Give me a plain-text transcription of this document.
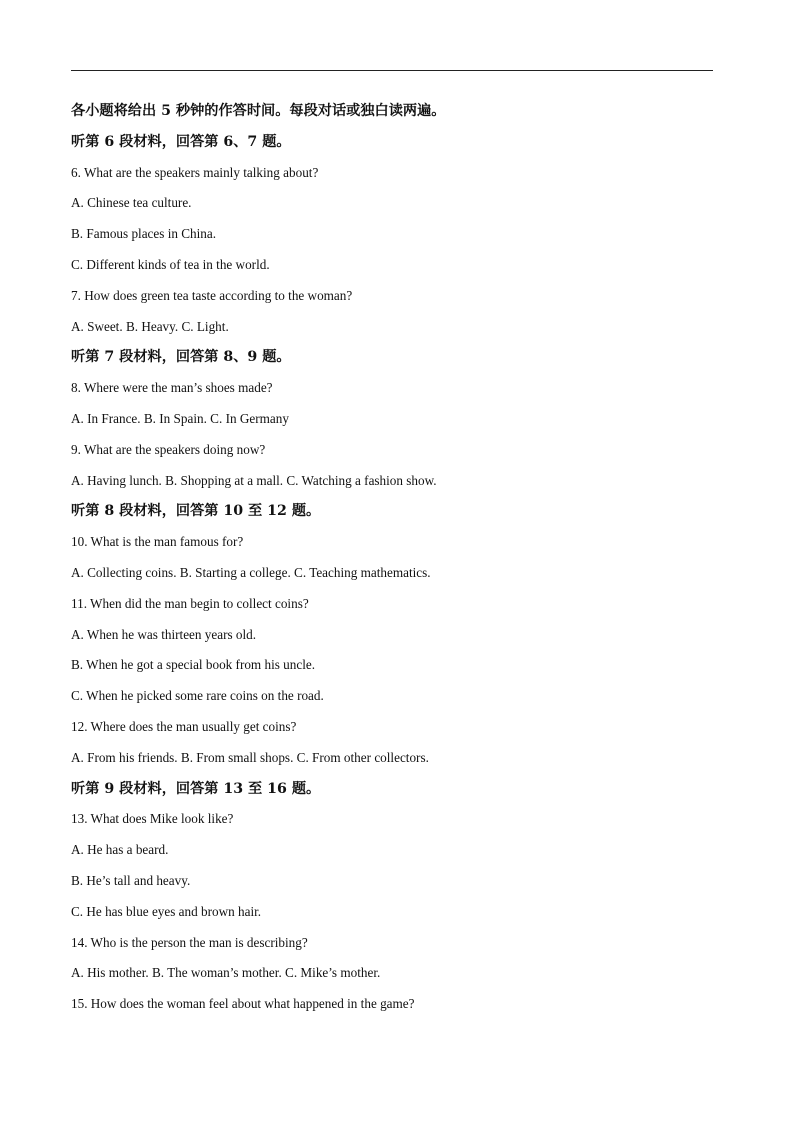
各小题将给出 5 秒钟的作答时间。每段对话或独白读两遍。
听第 6 段材料，回答第 6、7 题。
6. What are the speakers mainly talking about?
A. Chinese tea culture.
B. Famous places in China.
C. Different kinds of tea in the world.
7. How does green tea taste according to the woman?
A. Sweet. B. Heavy. C. Light.
听第 7 段材料，回答第 8、9 题。
8. Where were the man’s shoes made?
A. In France. B. In Spain. C. In Germany
9. What are the speakers doing now?
A. Having lunch. B. Shopping at a mall. C. Watching a fashion show.
听第 8 段材料，回答第 10 至 12 题。
10. What is the man famous for?
A. Collecting coins. B. Starting a college. C. Teaching mathematics.
11. When did the man begin to collect coins?
A. When he was thirteen years old.
B. When he got a special book from his uncle.
C. When he picked some rare coins on the road.
12. Where does the man usually get coins?
A. From his friends. B. From small shops. C. From other collectors.
听第 9 段材料，回答第 13 至 16 题。
13. What does Mike look like?
A. He has a beard.
B. He’s tall and heavy.
C. He has blue eyes and brown hair.
14. Who is the person the man is describing?
A. His mother. B. The woman’s mother. C. Mike’s mother.
15. How does the woman feel about what happened in the game?
